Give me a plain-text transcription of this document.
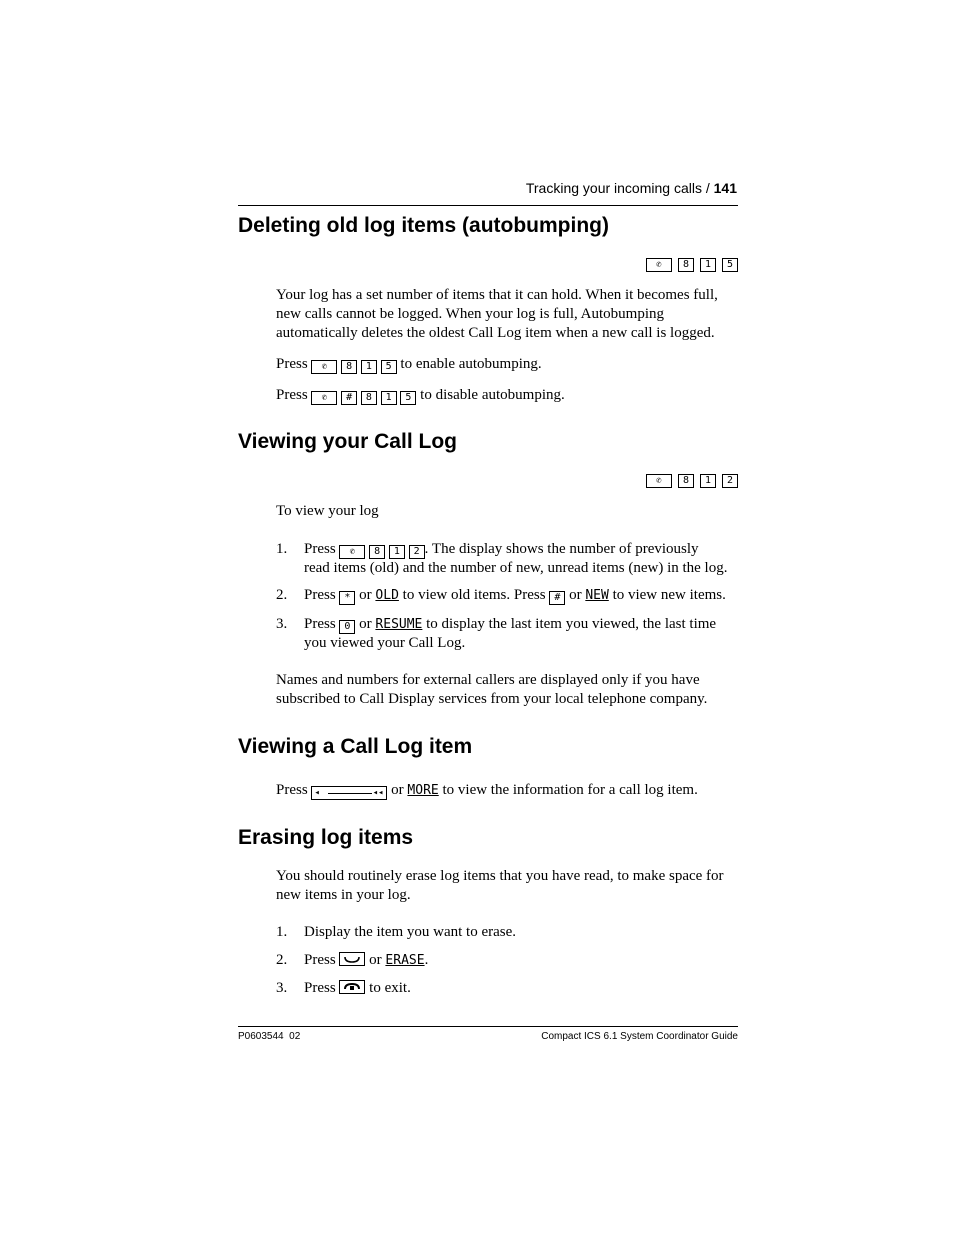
Tracking your incoming calls / 141
Deleting old log items (autobumping)
✆	8	1	5
Your log has a set number of items that it can hold. When it becomes full,
new calls cannot be logged. When your log is full, Autobumping
automatically deletes the oldest Call Log item when a new call is logged.
Press ✆ 8 1 5 to enable autobumping.
Press ✆ # 8 1 5 to disable autobumping.
Viewing your Call Log
✆	8	1	2
To view your log
1. Press ✆ 8 1 2 . The display shows the number of previously
read items (old) and the number of new, unread items (new) in the log.
2. Press * or OLD to view old items. Press # or NEW to view new items.
3. Press 0 or RESUME to display the last item you viewed, the last time
you viewed your Call Log.
Names and numbers for external callers are displayed only if you have
subscribed to Call Display services from your local telephone company.
Viewing a Call Log item
Press ◂	◂◂ or MORE to view the information for a call log item.
Erasing log items
You should routinely erase log items that you have read, to make space for
new items in your log.
1. Display the item you want to erase.
2. Press or ERASE.
3. Press to exit.
P0603544  02	Compact ICS 6.1 System Coordinator Guide
